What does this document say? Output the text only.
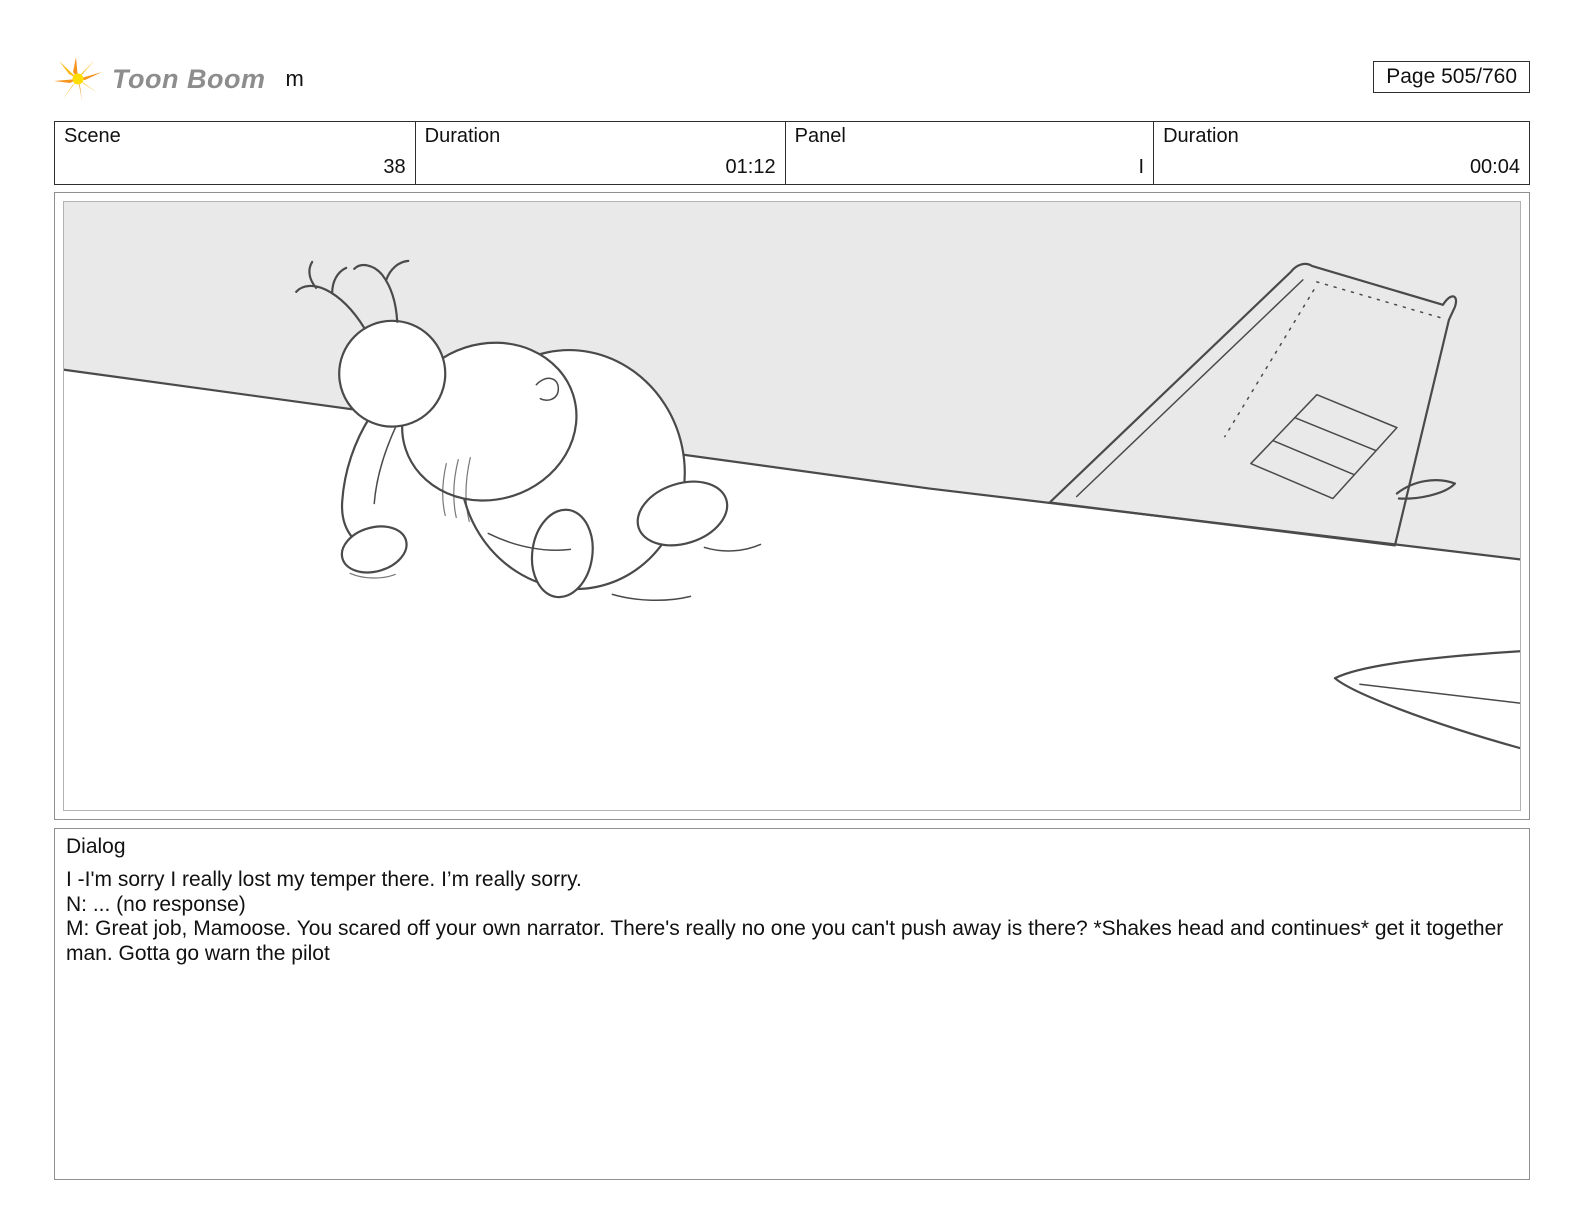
Toon Boom m	Page 505/760
Scene
38
Duration
01:12
Panel
I
Duration
00:04
Dialog

I -I'm sorry I really lost my temper there. I’m really sorry.

N: ... (no response)

M: Great job, Mamoose. You scared off your own narrator. There's really no one you can't push away is there? *Shakes head and continues* get it together man. Gotta go warn the pilot
